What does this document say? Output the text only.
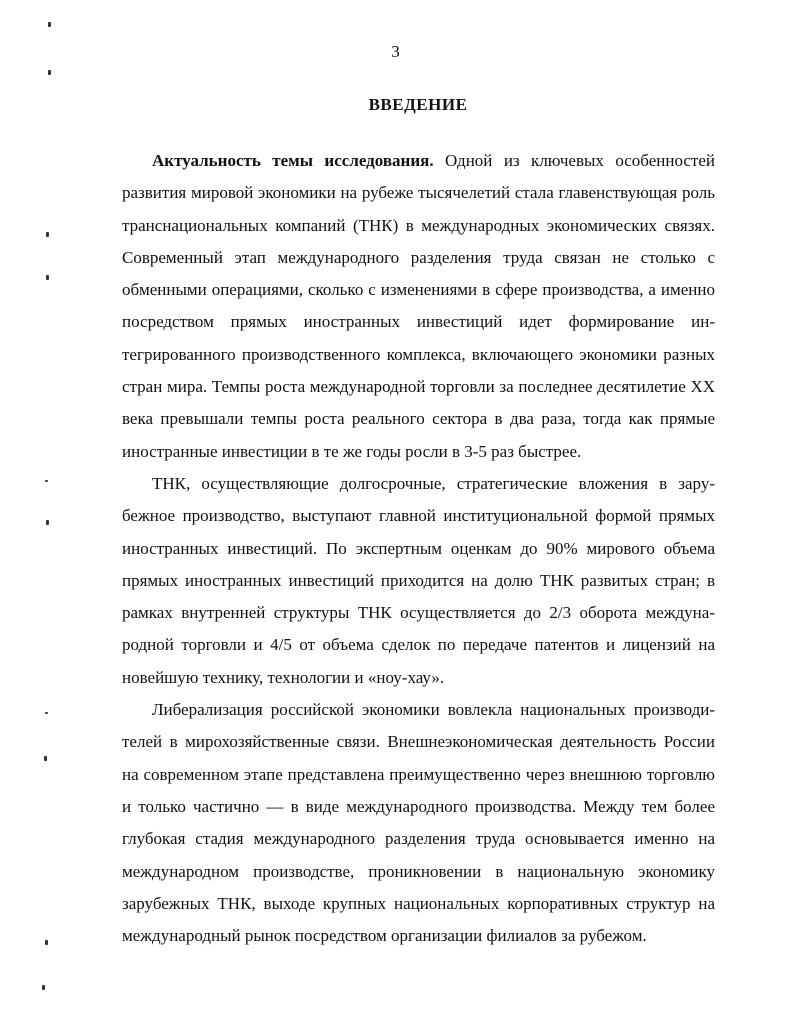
3
ВВЕДЕНИЕ

Актуальность темы исследования. Одной из ключевых особенностей развития мировой экономики на рубеже тысячелетий стала главенствующая роль транснациональных компаний (ТНК) в международных экономических связях. Современный этап международного разделения труда связан не столько с обменными операциями, сколько с изменениями в сфере производства, а именно посредством прямых иностранных инвестиций идет формирование интегрированного производственного комплекса, включающего экономики разных стран мира. Темпы роста международной торговли за последнее десятилетие XX века превышали темпы роста реального сектора в два раза, тогда как прямые иностранные инвестиции в те же годы росли в 3-5 раз быстрее.

ТНК, осуществляющие долгосрочные, стратегические вложения в зарубежное производство, выступают главной институциональной формой прямых иностранных инвестиций. По экспертным оценкам до 90% мирового объема прямых иностранных инвестиций приходится на долю ТНК развитых стран; в рамках внутренней структуры ТНК осуществляется до 2/3 оборота международной торговли и 4/5 от объема сделок по передаче патентов и лицензий на новейшую технику, технологии и «ноу-хау».

Либерализация российской экономики вовлекла национальных производителей в мирохозяйственные связи. Внешнеэкономическая деятельность России на современном этапе представлена преимущественно через внешнюю торговлю и только частично — в виде международного производства. Между тем более глубокая стадия международного разделения труда основывается именно на международном производстве, проникновении в национальную экономику зарубежных ТНК, выходе крупных национальных корпоративных структур на международный рынок посредством организации филиалов за рубежом.
